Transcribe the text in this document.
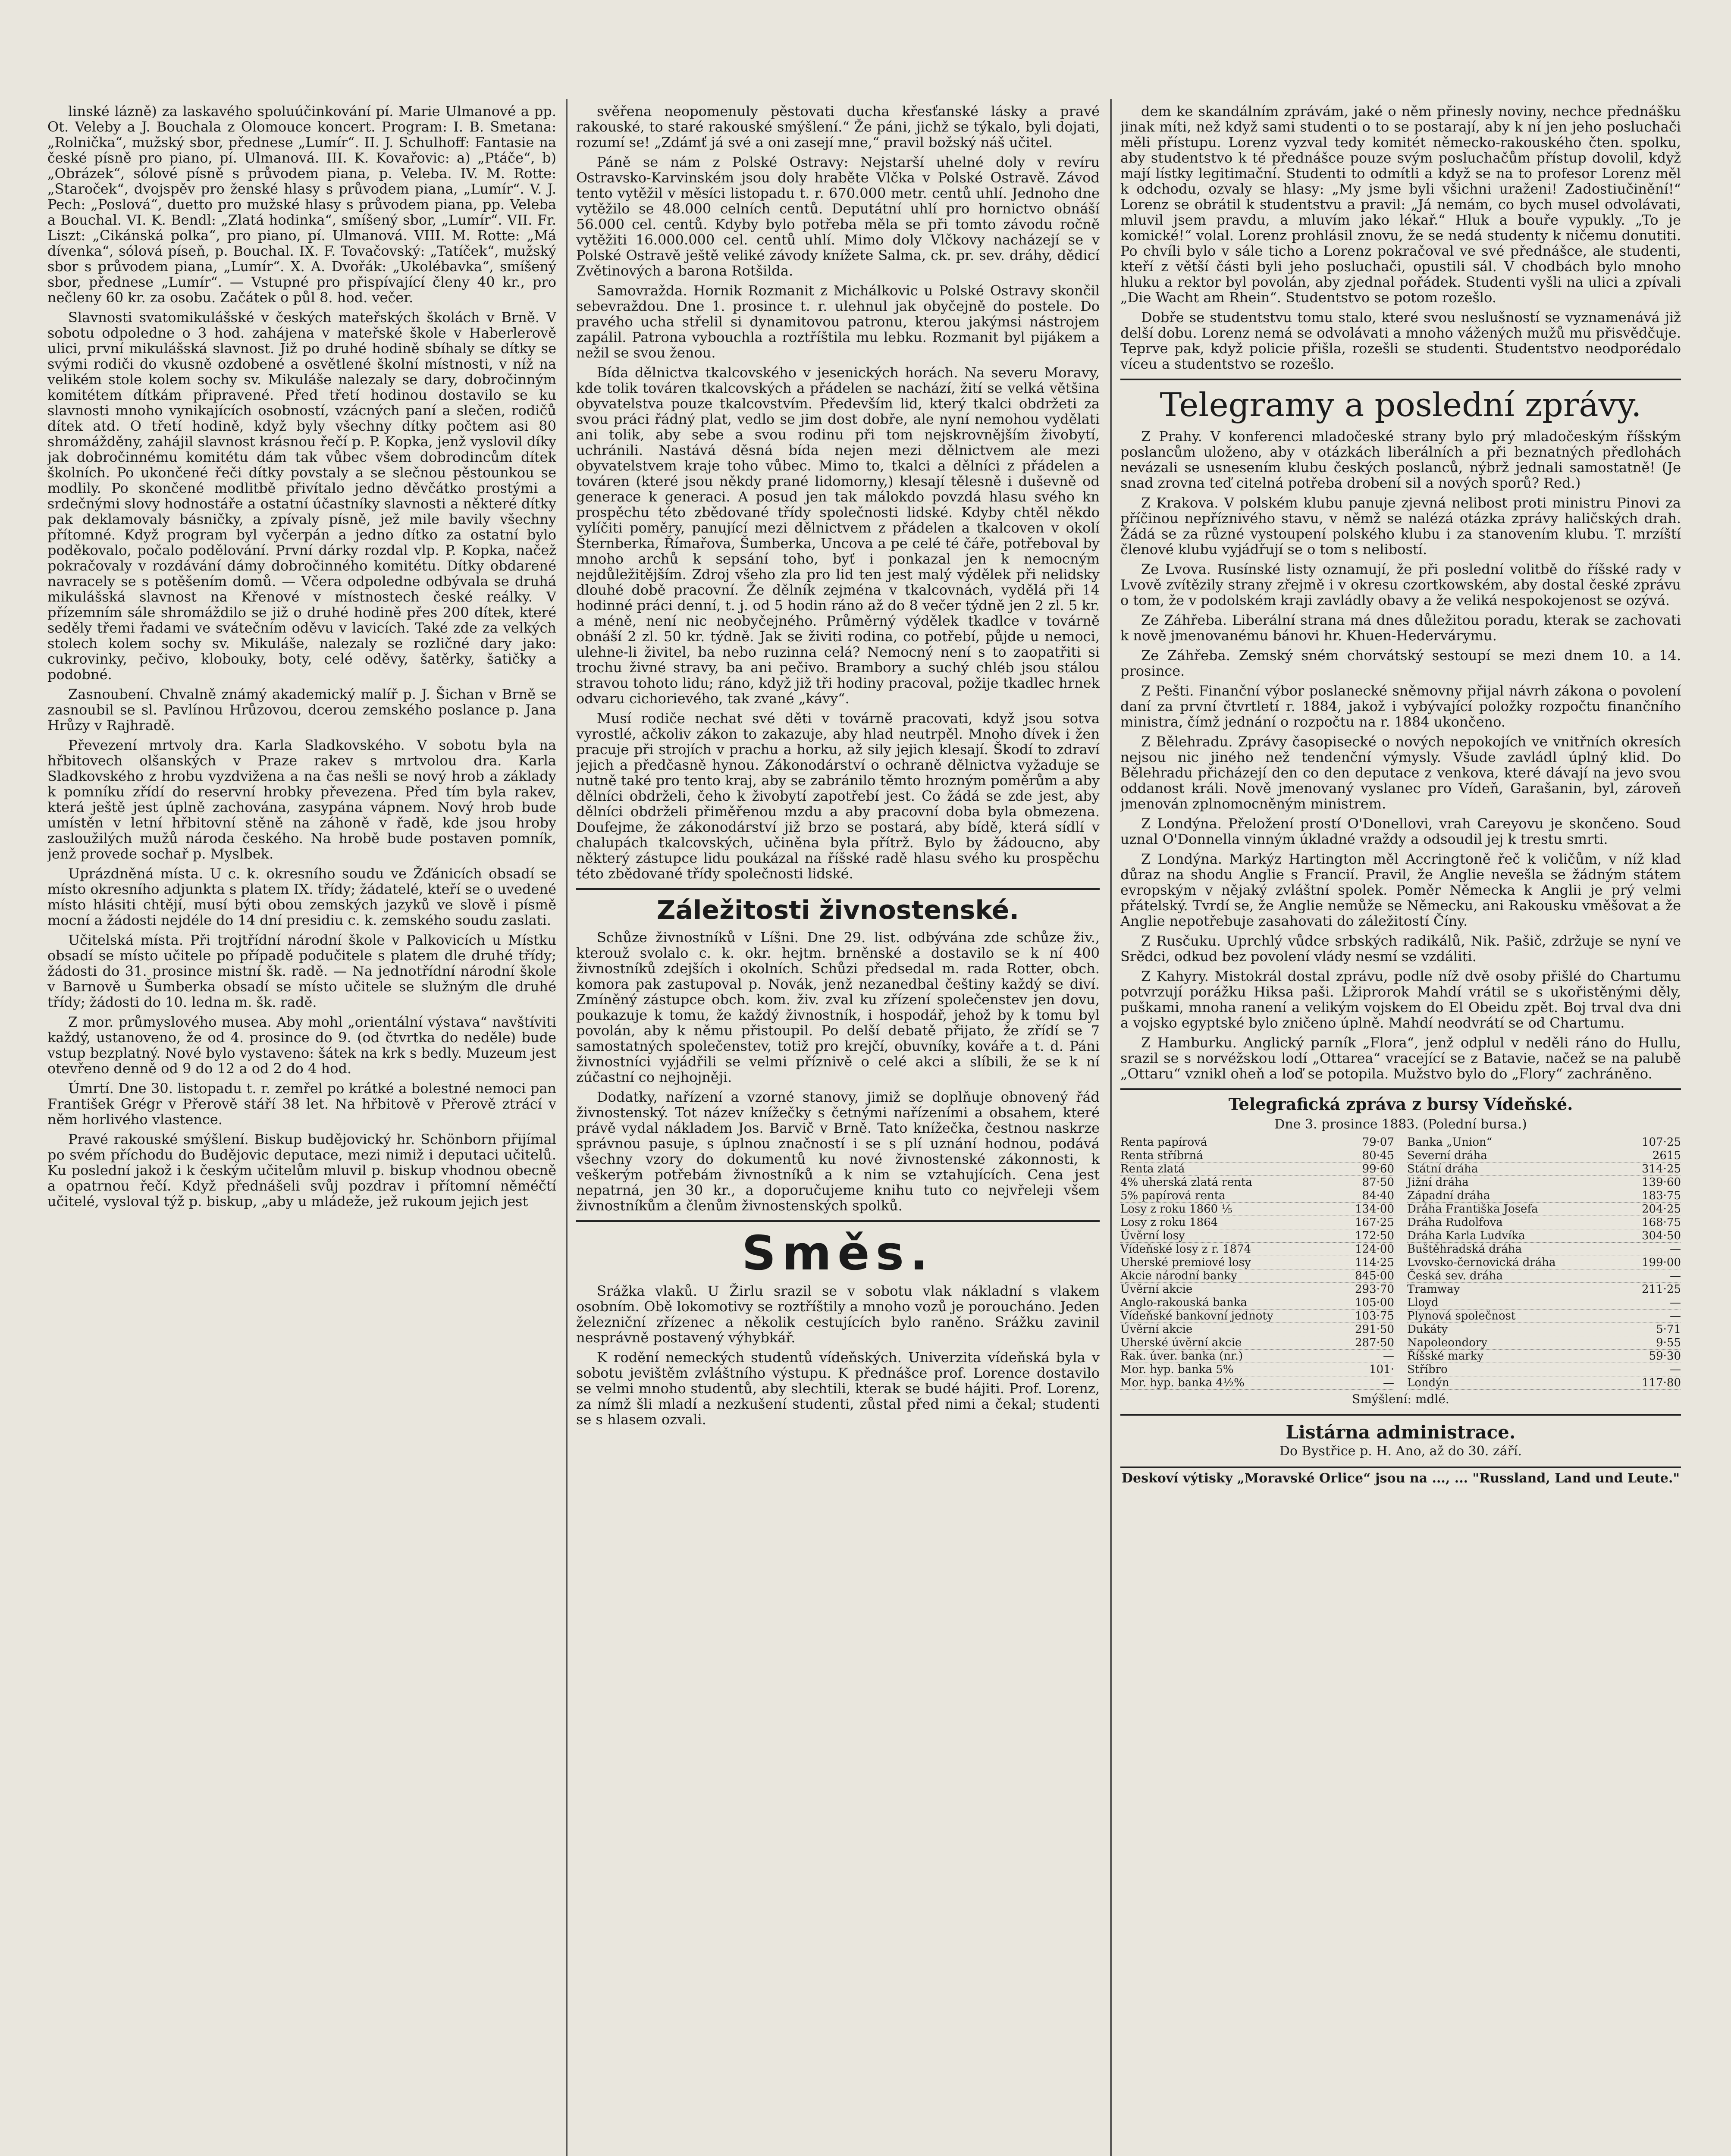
linské lázně) za laskavého spoluúčinkování pí. Marie Ulmanové a pp. Ot. Veleby a J. Bouchala z Olomouce koncert. Program: I. B. Smetana: „Rolnička“, mužský sbor, přednese „Lumír“. II. J. Schulhoff: Fantasie na české písně pro piano, pí. Ulmanová. III. K. Kovařovic: a) „Ptáče“, b) „Obrázek“, sólové písně s průvodem piana, p. Veleba. IV. M. Rotte: „Staroček“, dvojspěv pro ženské hlasy s průvodem piana, „Lumír“. V. J. Pech: „Poslová“, duetto pro mužské hlasy s průvodem piana, pp. Veleba a Bouchal. VI. K. Bendl: „Zlatá hodinka“, smíšený sbor, „Lumír“. VII. Fr. Liszt: „Cikánská polka“, pro piano, pí. Ulmanová. VIII. M. Rotte: „Má dívenka“, sólová píseň, p. Bouchal. IX. F. Tovačovský: „Tatíček“, mužský sbor s průvodem piana, „Lumír“. X. A. Dvořák: „Ukolébavka“, smíšený sbor, přednese „Lumír“. — Vstupné pro přispívající členy 40 kr., pro nečleny 60 kr. za osobu. Začátek o půl 8. hod. večer.

Slavnosti svatomikulášské v českých mateřských školách v Brně. V sobotu odpoledne o 3 hod. zahájena v mateřské škole v Haberlerově ulici, první mikulášská slavnost. Již po druhé hodině sbíhaly se dítky se svými rodiči do vkusně ozdobené a osvětlené školní místnosti, v níž na velikém stole kolem sochy sv. Mikuláše nalezaly se dary, dobročinným komitétem dítkám připravené. Před třetí hodinou dostavilo se ku slavnosti mnoho vynikajících osobností, vzácných paní a slečen, rodičů dítek atd. O třetí hodině, když byly všechny dítky počtem asi 80 shromážděny, zahájil slavnost krásnou řečí p. P. Kopka, jenž vyslovil díky jak dobročinnému komitétu dám tak vůbec všem dobrodincům dítek školních. Po ukončené řeči dítky povstaly a se slečnou pěstounkou se modlily. Po skončené modlitbě přivítalo jedno děvčátko prostými a srdečnými slovy hodnostáře a ostatní účastníky slavnosti a některé dítky pak deklamovaly básničky, a zpívaly písně, jež mile bavily všechny přítomné. Když program byl vyčerpán a jedno dítko za ostatní bylo poděkovalo, počalo podělování. První dárky rozdal vlp. P. Kopka, načež pokračovaly v rozdávání dámy dobročinného komitétu. Dítky obdarené navracely se s potěšením domů. — Včera odpoledne odbývala se druhá mikulášská slavnost na Křenové v místnostech české reálky. V přízemním sále shromáždilo se již o druhé hodině přes 200 dítek, které seděly třemi řadami ve svátečním oděvu v lavicích. Také zde za velkých stolech kolem sochy sv. Mikuláše, nalezaly se rozličné dary jako: cukrovinky, pečivo, klobouky, boty, celé oděvy, šatěrky, šatičky a podobné.

Zasnoubení. Chvalně známý akademický malíř p. J. Šichan v Brně se zasnoubil se sl. Pavlínou Hrůzovou, dcerou zemského poslance p. Jana Hrůzy v Rajhradě.

Převezení mrtvoly dra. Karla Sladkovského. V sobotu byla na hřbitovech olšanských v Praze rakev s mrtvolou dra. Karla Sladkovského z hrobu vyzdvižena a na čas nešli se nový hrob a základy k pomníku zřídí do reservní hrobky převezena. Před tím byla rakev, která ještě jest úplně zachována, zasypána vápnem. Nový hrob bude umístěn v letní hřbitovní stěně na záhoně v řadě, kde jsou hroby zasloužilých mužů národa českého. Na hrobě bude postaven pomník, jenž provede sochař p. Myslbek.

Uprázdněná místa. U c. k. okresního soudu ve Žďánicích obsadí se místo okresního adjunkta s platem IX. třídy; žádatelé, kteří se o uvedené místo hlásiti chtějí, musí býti obou zemských jazyků ve slově i písmě mocní a žádosti nejdéle do 14 dní presidiu c. k. zemského soudu zaslati.

Učitelská místa. Při trojtřídní národní škole v Palkovicích u Místku obsadí se místo učitele po případě podučitele s platem dle druhé třídy; žádosti do 31. prosince mistní šk. radě. — Na jednotřídní národní škole v Barnově u Šumberka obsadí se místo učitele se služným dle druhé třídy; žádosti do 10. ledna m. šk. radě.

Z mor. průmyslového musea. Aby mohl „orientální výstava“ navštíviti každý, ustanoveno, že od 4. prosince do 9. (od čtvrtka do neděle) bude vstup bezplatný. Nové bylo vystaveno: šátek na krk s bedly. Muzeum jest otevřeno denně od 9 do 12 a od 2 do 4 hod.

Úmrtí. Dne 30. listopadu t. r. zemřel po krátké a bolestné nemoci pan František Grégr v Přerově stáří 38 let. Na hřbitově v Přerově ztrácí v něm horlivého vlastence.

Pravé rakouské smýšlení. Biskup budějovický hr. Schönborn přijímal po svém příchodu do Budějovic deputace, mezi nimiž i deputaci učitelů. Ku poslední jakož i k českým učitelům mluvil p. biskup vhodnou obecně a opatrnou řečí. Když přednášeli svůj pozdrav i přítomní něméčtí učitelé, vysloval týž p. biskup, „aby u mládeže, jež rukoum jejich jest

svěřena neopomenuly pěstovati ducha křesťanské lásky a pravé rakouské, to staré rakouské smýšlení.“ Že páni, jichž se týkalo, byli dojati, rozumí se! „Zdámť já své a oni zasejí mne,“ pravil božský náš učitel.

Páně se nám z Polské Ostravy: Nejstarší uhelné doly v revíru Ostravsko-Karvinském jsou doly hraběte Vlčka v Polské Ostravě. Závod tento vytěžil v měsíci listopadu t. r. 670.000 metr. centů uhlí. Jednoho dne vytěžilo se 48.000 celních centů. Deputátní uhlí pro hornictvo obnáší 56.000 cel. centů. Kdyby bylo potřeba měla se při tomto závodu ročně vytěžiti 16.000.000 cel. centů uhlí. Mimo doly Vlčkovy nacházejí se v Polské Ostravě ještě veliké závody knížete Salma, ck. pr. sev. dráhy, dědicí Zvětinových a barona Rotšilda.

Samovražda. Hornik Rozmanit z Michálkovic u Polské Ostravy skončil sebevraždou. Dne 1. prosince t. r. ulehnul jak obyčejně do postele. Do pravého ucha střelil si dynamitovou patronu, kterou jakýmsi nástrojem zapálil. Patrona vybouchla a roztříštila mu lebku. Rozmanit byl pijákem a nežil se svou ženou.

Bída dělnictva tkalcovského v jesenických horách. Na severu Moravy, kde tolik továren tkalcovských a přádelen se nachází, žití se velká většina obyvatelstva pouze tkalcovstvím. Především lid, který tkalci obdržeti za svou práci řádný plat, vedlo se jim dost dobře, ale nyní nemohou vydělati ani tolik, aby sebe a svou rodinu při tom nejskrovnějším živobytí, uchránili. Nastává děsná bída nejen mezi dělnictvem ale mezi obyvatelstvem kraje toho vůbec. Mimo to, tkalci a dělníci z přádelen a továren (které jsou někdy prané lidomorny,) klesají tělesně i duševně od generace k generaci. A posud jen tak málokdo povzdá hlasu svého kn prospěchu této zbědované třídy společnosti lidské. Kdyby chtěl někdo vylíčiti poměry, panující mezi dělnictvem z přádelen a tkalcoven v okolí Šternberka, Římařova, Šumberka, Uncova a pe celé té čáře, potřeboval by mnoho archů k sepsání toho, byť i ponkazal jen k nemocným nejdůležitějším. Zdroj všeho zla pro lid ten jest malý výdělek při nelidsky dlouhé době pracovní. Že dělník zejména v tkalcovnách, vydělá při 14 hodinné práci denní, t. j. od 5 hodin ráno až do 8 večer týdně jen 2 zl. 5 kr. a méně, není nic neobyčejného. Průměrný výdělek tkadlce v továrně obnáší 2 zl. 50 kr. týdně. Jak se živiti rodina, co potřebí, půjde u nemoci, ulehne-li živitel, ba nebo ruzinna celá? Nemocný není s to zaopatřiti si trochu živné stravy, ba ani pečivo. Brambory a suchý chléb jsou stálou stravou tohoto lidu; ráno, když již tři hodiny pracoval, požije tkadlec hrnek odvaru cichorievého, tak zvané „kávy“.

Musí rodiče nechat své děti v továrně pracovati, když jsou sotva vyrostlé, ačkoliv zákon to zakazuje, aby hlad neutrpěl. Mnoho dívek i žen pracuje při strojích v prachu a horku, až sily jejich klesají. Škodí to zdraví jejich a předčasně hynou. Zákonodárství o ochraně dělnictva vyžaduje se nutně také pro tento kraj, aby se zabránilo těmto hrozným poměrům a aby dělníci obdrželi, čeho k živobytí zapotřebí jest. Co žádá se zde jest, aby dělníci obdrželi přiměřenou mzdu a aby pracovní doba byla obmezena. Doufejme, že zákonodárství již brzo se postará, aby bídě, která sídlí v chalupách tkalcovských, učiněna byla přítrž. Bylo by žádoucno, aby některý zástupce lidu poukázal na říšské radě hlasu svého ku prospěchu této zbědované třídy společnosti lidské.

Záležitosti živnostenské.

Schůze živnostníků v Líšni. Dne 29. list. odbývána zde schůze živ., kterouž svolalo c. k. okr. hejtm. brněnské a dostavilo se k ní 400 živnostníků zdejších i okolních. Schůzi předsedal m. rada Rotter, obch. komora pak zastupoval p. Novák, jenž nezanedbal češtiny každý se diví. Zmíněný zástupce obch. kom. živ. zval ku zřízení společenstev jen dovu, poukazuje k tomu, že každý živnostník, i hospodář, jehož by k tomu byl povolán, aby k němu přistoupil. Po delší debatě přijato, že zřídí se 7 samostatných společenstev, totiž pro krejčí, obuvníky, kováře a t. d. Páni živnostníci vyjádřili se velmi příznivě o celé akci a slíbili, že se k ní zúčastní co nejhojněji.

Dodatky, nařízení a vzorné stanovy, jimiž se doplňuje obnovený řád živnostenský. Tot název knížečky s četnými nařízeními a obsahem, které právě vydal nákladem Jos. Barvič v Brně. Tato knížečka, čestnou naskrze správnou pasuje, s úplnou značností i se s plí uznání hodnou, podává všechny vzory do dokumentů ku nové živnostenské zákonnosti, k veškerým potřebám živnostníků a k nim se vztahujících. Cena jest nepatrná, jen 30 kr., a doporučujeme knihu tuto co nejvřeleji všem živnostníkům a členům živnostenských spolků.

Směs.

Srážka vlaků. U Žirlu srazil se v sobotu vlak nákladní s vlakem osobním. Obě lokomotivy se roztříštily a mnoho vozů je poroucháno. Jeden železniční zřízenec a několik cestujících bylo raněno. Srážku zavinil nesprávně postavený výhybkář.

K rodění nemeckých studentů vídeňských. Univerzita vídeňská byla v sobotu jevištěm zvláštního výstupu. K přednášce prof. Lorence dostavilo se velmi mnoho studentů, aby slechtili, kterak se budé hájiti. Prof. Lorenz, za nímž šli mladí a nezkušení studenti, zůstal před nimi a čekal; studenti se s hlasem ozvali.

dem ke skandálním zprávám, jaké o něm přinesly noviny, nechce přednášku jinak míti, než když sami studenti o to se postarají, aby k ní jen jeho posluchači měli přístupu. Lorenz vyzval tedy komitét německo-rakouského čten. spolku, aby studentstvo k té přednášce pouze svým posluchačům přístup dovolil, když mají lístky legitimační. Studenti to odmítli a když se na to profesor Lorenz měl k odchodu, ozvaly se hlasy: „My jsme byli všichni uraženi! Zadostiučinění!“ Lorenz se obrátil k studentstvu a pravil: „Já nemám, co bych musel odvolávati, mluvil jsem pravdu, a mluvím jako lékař.“ Hluk a bouře vypukly. „To je komické!“ volal. Lorenz prohlásil znovu, že se nedá studenty k ničemu donutiti. Po chvíli bylo v sále ticho a Lorenz pokračoval ve své přednášce, ale studenti, kteří z větší části byli jeho posluchači, opustili sál. V chodbách bylo mnoho hluku a rektor byl povolán, aby zjednal pořádek. Studenti vyšli na ulici a zpívali „Die Wacht am Rhein“. Studentstvo se potom rozešlo.

Dobře se studentstvu tomu stalo, které svou neslušností se vyznamenává již delší dobu. Lorenz nemá se odvolávati a mnoho vážených mužů mu přisvědčuje. Teprve pak, když policie přišla, rozešli se studenti. Studentstvo neodporédalo víceu a studentstvo se rozešlo.

Telegramy a poslední zprávy.

Z Prahy. V konferenci mladočeské strany bylo prý mladočeským říšským poslancům uloženo, aby v otázkách liberálních a při beznatných předlohách nevázali se usnesením klubu českých poslanců, nýbrž jednali samostatně! (Je snad zrovna teď citelná potřeba drobení sil a nových sporů? Red.)

Z Krakova. V polském klubu panuje zjevná nelibost proti ministru Pinovi za příčinou nepříznivého stavu, v němž se nalézá otázka zprávy haličských drah. Žádá se za různé vystoupení polského klubu i za stanovením klubu. T. mrzíští členové klubu vyjádřují se o tom s nelibostí.

Ze Lvova. Rusínské listy oznamují, že při poslední volitbě do říšské rady v Lvově zvítězily strany zřejmě i v okresu czortkowském, aby dostal české zprávu o tom, že v podolském kraji zavládly obavy a že veliká nespokojenost se ozývá.

Ze Záhřeba. Liberální strana má dnes důležitou poradu, kterak se zachovati k nově jmenovanému bánovi hr. Khuen-Hedervárymu.

Ze Záhřeba. Zemský sném chorvátský sestoupí se mezi dnem 10. a 14. prosince.

Z Pešti. Finanční výbor poslanecké sněmovny přijal návrh zákona o povolení daní za první čtvrtletí r. 1884, jakož i vybývající položky rozpočtu finančního ministra, čímž jednání o rozpočtu na r. 1884 ukončeno.

Z Bělehradu. Zprávy časopisecké o nových nepokojích ve vnitřních okresích nejsou nic jiného než tendenční výmysly. Všude zavládl úplný klid. Do Bělehradu přicházejí den co den deputace z venkova, které dávají na jevo svou oddanost králi. Nově jmenovaný vyslanec pro Vídeň, Garašanin, byl, zároveň jmenován zplnomocněným ministrem.

Z Londýna. Přeložení prostí O'Donellovi, vrah Careyovu je skončeno. Soud uznal O'Donnella vinným úkladné vraždy a odsoudil jej k trestu smrti.

Z Londýna. Markýz Hartington měl Accringtoně řeč k voličům, v níž klad důraz na shodu Anglie s Francií. Pravil, že Anglie nevešla se žádným státem evropským v nějaký zvláštní spolek. Poměr Německa k Anglii je prý velmi přátelský. Tvrdí se, že Anglie nemůže se Německu, ani Rakousku vměšovat a že Anglie nepotřebuje zasahovati do záležitostí Číny.

Z Rusčuku. Uprchlý vůdce srbských radikálů, Nik. Pašič, zdržuje se nyní ve Srědci, odkud bez povolení vlády nesmí se vzdáliti.

Z Kahyry. Mistokrál dostal zprávu, podle níž dvě osoby přišlé do Chartumu potvrzují porážku Hiksa paši. Lžiprorok Mahdí vrátil se s ukořistěnými děly, puškami, mnoha ranení a velikým vojskem do El Obeidu zpět. Boj trval dva dni a vojsko egyptské bylo zničeno úplně. Mahdí neodvrátí se od Chartumu.

Z Hamburku. Anglický parník „Flora“, jenž odplul v neděli ráno do Hullu, srazil se s norvéžskou lodí „Ottarea“ vracející se z Batavie, načež se na palubě „Ottaru“ vznikl oheň a loď se potopila. Mužstvo bylo do „Flory“ zachráněno.

Telegrafická zpráva z bursy Vídeňské.
Dne 3. prosince 1883. (Polední bursa.)
Renta papírová	79·07
Renta stříbrná	80·45
Renta zlatá	99·60
4% uherská zlatá renta	87·50
5% papírová renta	84·40
Losy z roku 1860 ⅕	134·00
Losy z roku 1864	167·25
Úvěrní losy	172·50
Vídeňské losy z r. 1874	124·00
Uherské premiové losy	114·25
Akcie národní banky	845·00
Úvěrní akcie	293·70
Anglo-rakouská banka	105·00
Vídeňské bankovní jednoty	103·75
Úvěrní akcie	291·50
Uherské úvěrní akcie	287·50
Rak. úver. banka (nr.)	—
Mor. hyp. banka 5%	101·
Mor. hyp. banka 4½%	—
Banka „Union“	107·25
Severní dráha	2615
Státní dráha	314·25
Jižní dráha	139·60
Západní dráha	183·75
Dráha Františka Josefa	204·25
Dráha Rudolfova	168·75
Dráha Karla Ludvíka	304·50
Buštěhradská dráha	—
Lvovsko-černovická dráha	199·00
Česká sev. dráha	—
Tramway	211·25
Lloyd	—
Plynová společnost	—
Dukáty	5·71
Napoleondory	9·55
Říšské marky	59·30
Stříbro	—
Londýn	117·80
Smýšlení: mdlé.
Listárna administrace.
Do Bystřice p. H. Ano, až do 30. září.
Deskoví výtisky „Moravské Orlice“ jsou na ..., ... "Russland, Land und Leute."
